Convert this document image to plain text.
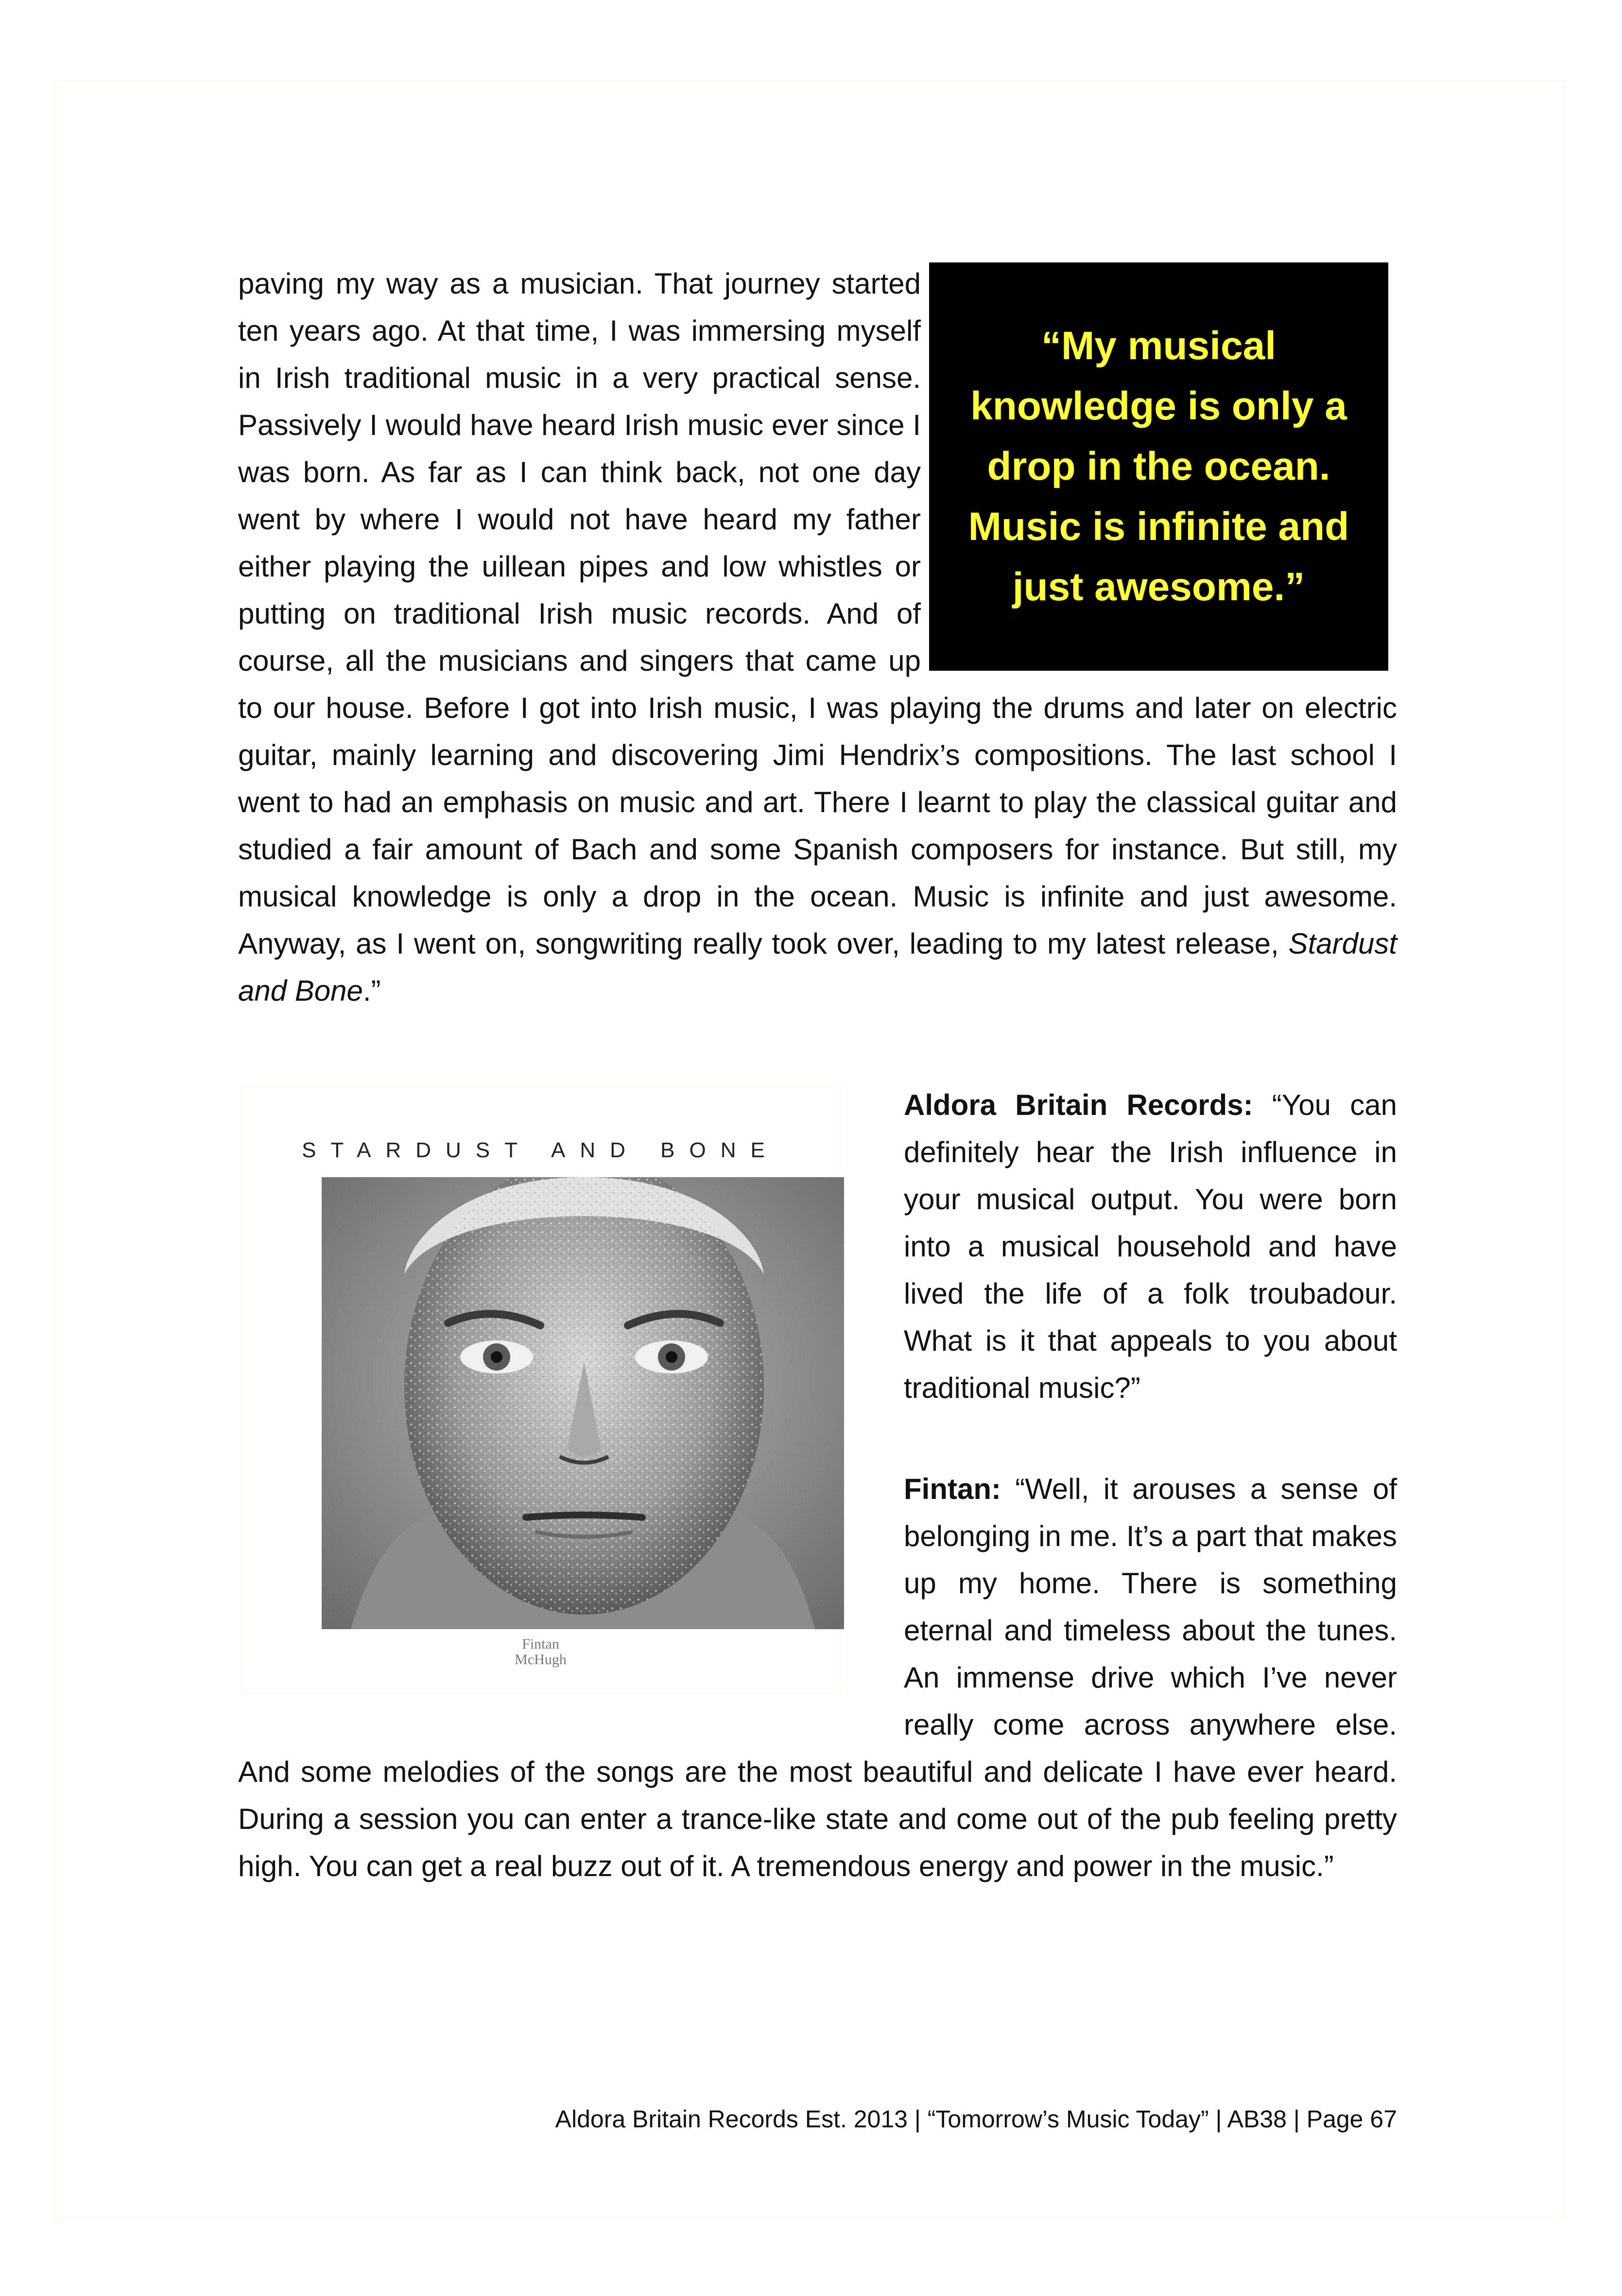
paving my way as a musician. That journey started ten years ago. At that time, I was immersing myself in Irish traditional music in a very practical sense. Passively I would have heard Irish music ever since I was born. As far as I can think back, not one day went by where I would not have heard my father either playing the uillean pipes and low whistles or putting on traditional Irish music records. And of course, all the musicians and singers that came up to our house. Before I got into Irish music, I was playing the drums and later on electric guitar, mainly learning and discovering Jimi Hendrix’s compositions. The last school I went to had an emphasis on music and art. There I learnt to play the classical guitar and studied a fair amount of Bach and some Spanish composers for instance. But still, my musical knowledge is only a drop in the ocean. Music is infinite and just awesome. Anyway, as I went on, songwriting really took over, leading to my latest release, Stardust and Bone.”

“My musical knowledge is only a drop in the ocean. Music is infinite and just awesome.”

Aldora Britain Records: “You can definitely hear the Irish influence in your musical output. You were born into a musical household and have lived the life of a folk troubadour. What is it that appeals to you about traditional music?”

Fintan: “Well, it arouses a sense of belonging in me. It’s a part that makes up my home. There is something eternal and timeless about the tunes. An immense drive which I’ve never really come across anywhere else. And some melodies of the songs are the most beautiful and delicate I have ever heard. During a session you can enter a trance-like state and come out of the pub feeling pretty high. You can get a real buzz out of it. A tremendous energy and power in the music.”

STARDUST AND BONE
Fintan
McHugh
Aldora Britain Records Est. 2013 | “Tomorrow’s Music Today” | AB38 | Page 67
